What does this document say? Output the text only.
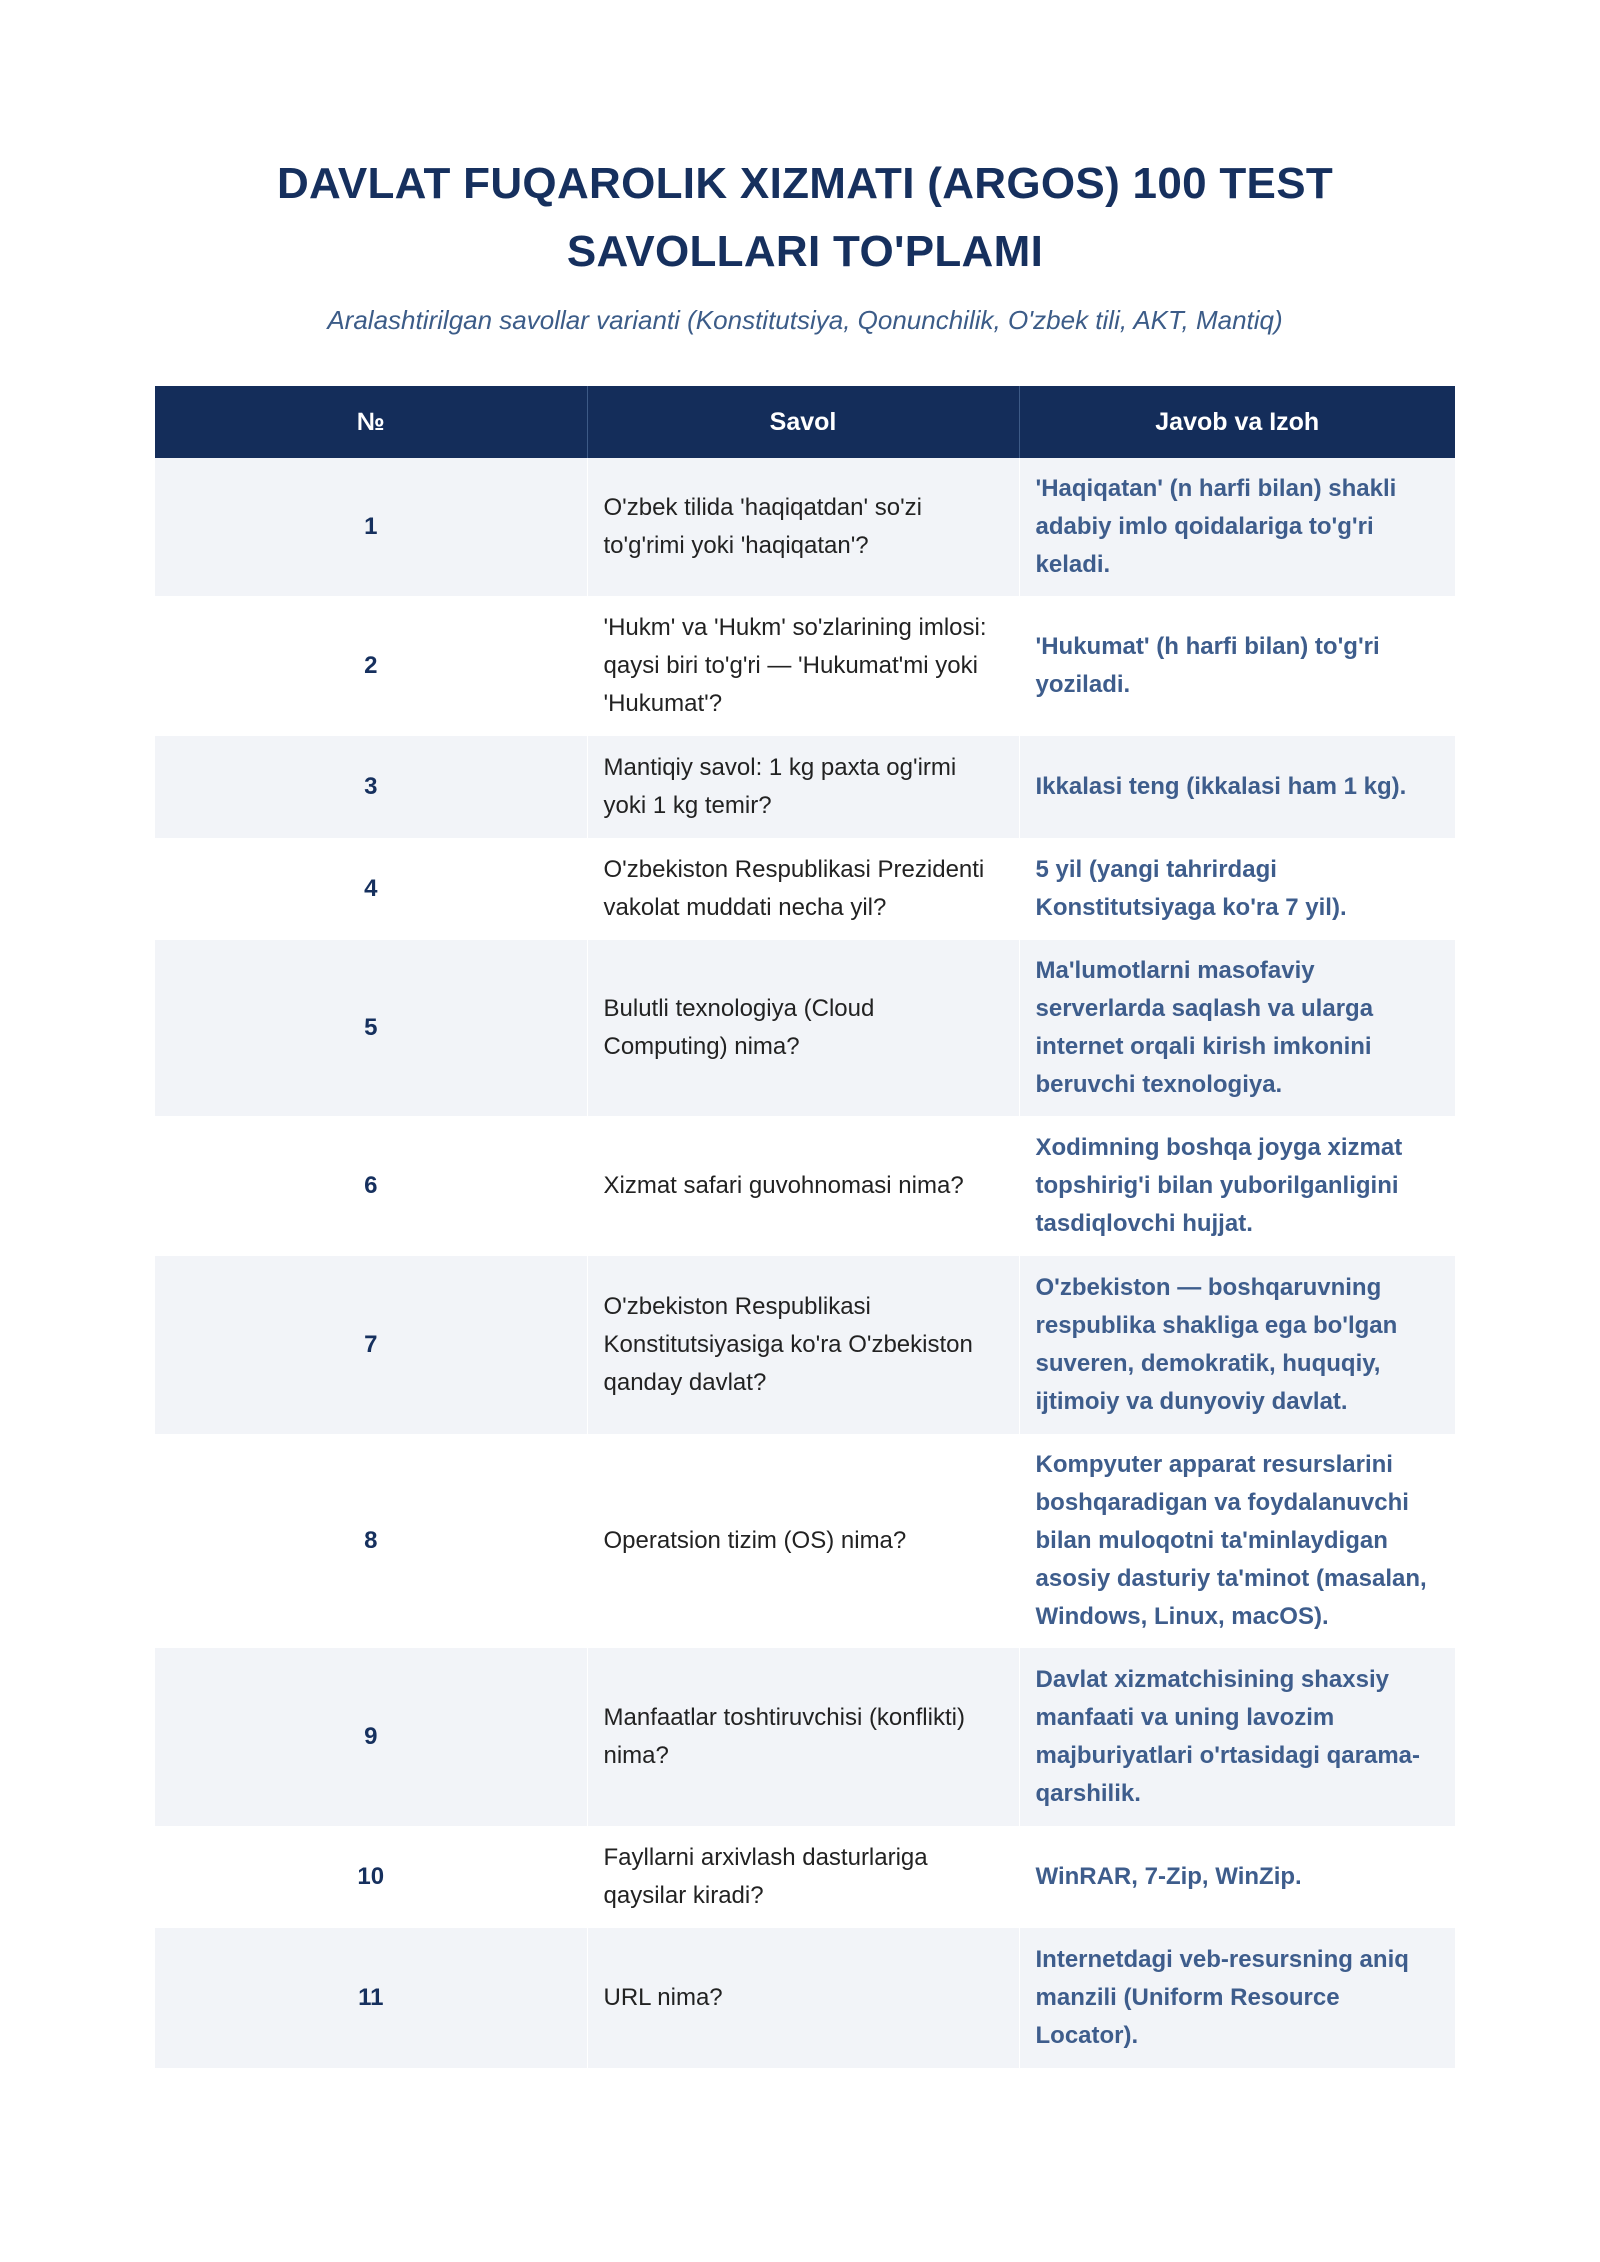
DAVLAT FUQAROLIK XIZMATI (ARGOS) 100 TEST SAVOLLARI TO'PLAMI
Aralashtirilgan savollar varianti (Konstitutsiya, Qonunchilik, O'zbek tili, AKT, Mantiq)
№	Savol	Javob va Izoh
1	O'zbek tilida 'haqiqatdan' so'zi to'g'rimi yoki 'haqiqatan'?	'Haqiqatan' (n harfi bilan) shakli adabiy imlo qoidalariga to'g'ri keladi.
2	'Hukm' va 'Hukm' so'zlarining imlosi: qaysi biri to'g'ri — 'Hukumat'mi yoki 'Hukumat'?	'Hukumat' (h harfi bilan) to'g'ri yoziladi.
3	Mantiqiy savol: 1 kg paxta og'irmi yoki 1 kg temir?	Ikkalasi teng (ikkalasi ham 1 kg).
4	O'zbekiston Respublikasi Prezidenti vakolat muddati necha yil?	5 yil (yangi tahrirdagi Konstitutsiyaga ko'ra 7 yil).
5	Bulutli texnologiya (Cloud Computing) nima?	Ma'lumotlarni masofaviy serverlarda saqlash va ularga internet orqali kirish imkonini beruvchi texnologiya.
6	Xizmat safari guvohnomasi nima?	Xodimning boshqa joyga xizmat topshirig'i bilan yuborilganligini tasdiqlovchi hujjat.
7	O'zbekiston Respublikasi Konstitutsiyasiga ko'ra O'zbekiston qanday davlat?	O'zbekiston — boshqaruvning respublika shakliga ega bo'lgan suveren, demokratik, huquqiy, ijtimoiy va dunyoviy davlat.
8	Operatsion tizim (OS) nima?	Kompyuter apparat resurslarini boshqaradigan va foydalanuvchi bilan muloqotni ta'minlaydigan asosiy dasturiy ta'minot (masalan, Windows, Linux, macOS).
9	Manfaatlar toshtiruvchisi (konflikti) nima?	Davlat xizmatchisining shaxsiy manfaati va uning lavozim majburiyatlari o'rtasidagi qarama-qarshilik.
10	Fayllarni arxivlash dasturlariga qaysilar kiradi?	WinRAR, 7-Zip, WinZip.
11	URL nima?	Internetdagi veb-resursning aniq manzili (Uniform Resource Locator).
